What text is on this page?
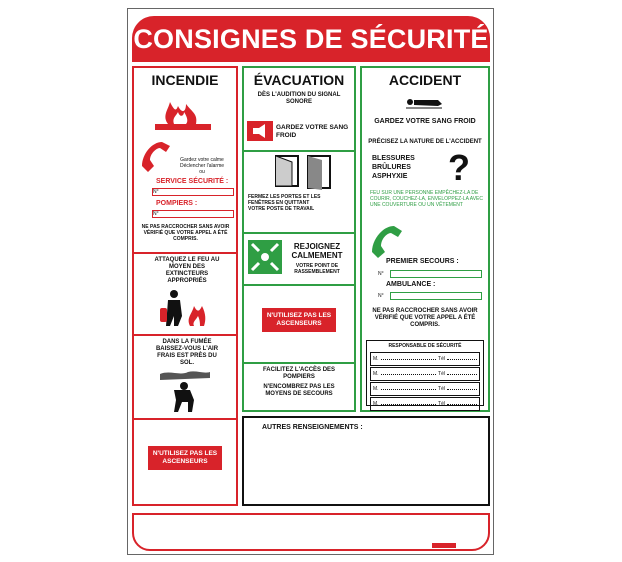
CONSIGNES DE SÉCURITÉ
INCENDIE
Gardez votre calme
Déclencher l'alarme
ou
SERVICE SÉCURITÉ :
N°
POMPIERS :
N°
NE PAS RACCROCHER SANS AVOIR VÉRIFIÉ QUE VOTRE APPEL A ÉTÉ COMPRIS.
ATTAQUEZ LE FEU AU MOYEN DES EXTINCTEURS APPROPRIÉS
DANS LA FUMÉE BAISSEZ-VOUS L'AIR FRAIS EST PRÈS DU SOL.
N'UTILISEZ PAS LES ASCENSEURS
ÉVACUATION
DÈS L'AUDITION DU SIGNAL SONORE
GARDEZ VOTRE SANG FROID
FERMEZ LES PORTES ET LES FENÊTRES EN QUITTANT VOTRE POSTE DE TRAVAIL
REJOIGNEZ CALMEMENT
VOTRE POINT DE RASSEMBLEMENT
N'UTILISEZ PAS LES ASCENSEURS
FACILITEZ L'ACCÈS DES POMPIERS
N'ENCOMBREZ PAS LES MOYENS DE SECOURS
ACCIDENT
GARDEZ VOTRE SANG FROID
PRÉCISEZ LA NATURE DE L'ACCIDENT
BLESSURES
BRÛLURES
ASPHYXIE	?
FEU SUR UNE PERSONNE EMPÊCHEZ-LA DE COURIR, COUCHEZ-LA, ENVELOPPEZ-LA AVEC UNE COUVERTURE OU UN VÊTEMENT
PREMIER SECOURS :
N°
AMBULANCE :
N°
NE PAS RACCROCHER SANS AVOIR VÉRIFIÉ QUE VOTRE APPEL A ÉTÉ COMPRIS.
RESPONSABLE DE SÉCURITÉ
M.	Tél
M.	Tél
M.	Tél
M.	Tél
AUTRES RENSEIGNEMENTS :
